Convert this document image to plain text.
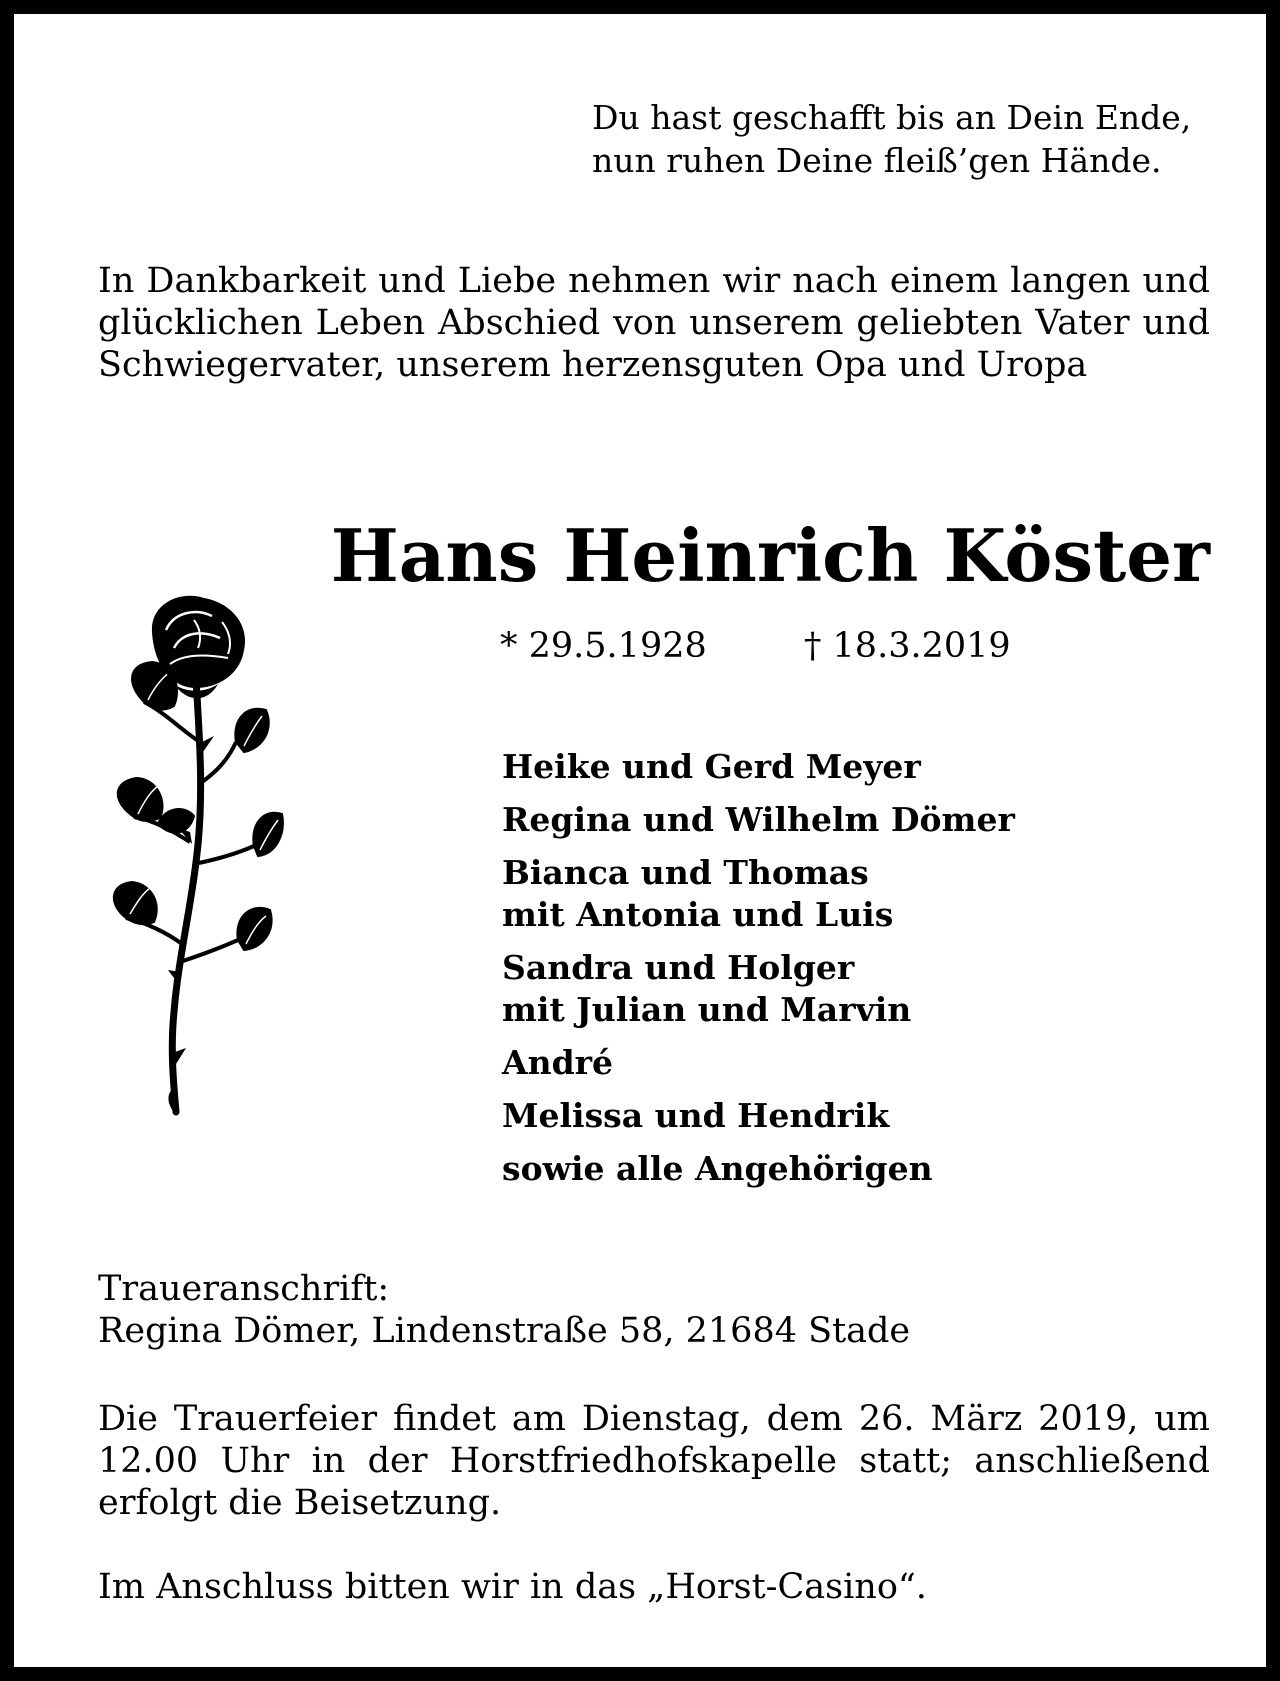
Du hast geschafft bis an Dein Ende,
nun ruhen Deine fleiß’gen Hände.
In Dankbarkeit und Liebe nehmen wir nach einem langen und glücklichen Leben Abschied von unserem geliebten Vater und Schwiegervater, unserem herzensguten Opa und Uropa
Hans Heinrich Köster
* 29.5.1928	† 18.3.2019
Heike und Gerd Meyer
Regina und Wilhelm Dömer
Bianca und Thomas
mit Antonia und Luis
Sandra und Holger
mit Julian und Marvin
André
Melissa und Hendrik
sowie alle Angehörigen
Traueranschrift:
Regina Dömer, Lindenstraße 58, 21684 Stade
Die Trauerfeier findet am Dienstag, dem 26. März 2019, um 12.00 Uhr in der Horstfriedhofskapelle statt; anschließend erfolgt die Beisetzung.
Im Anschluss bitten wir in das „Horst-Casino“.
